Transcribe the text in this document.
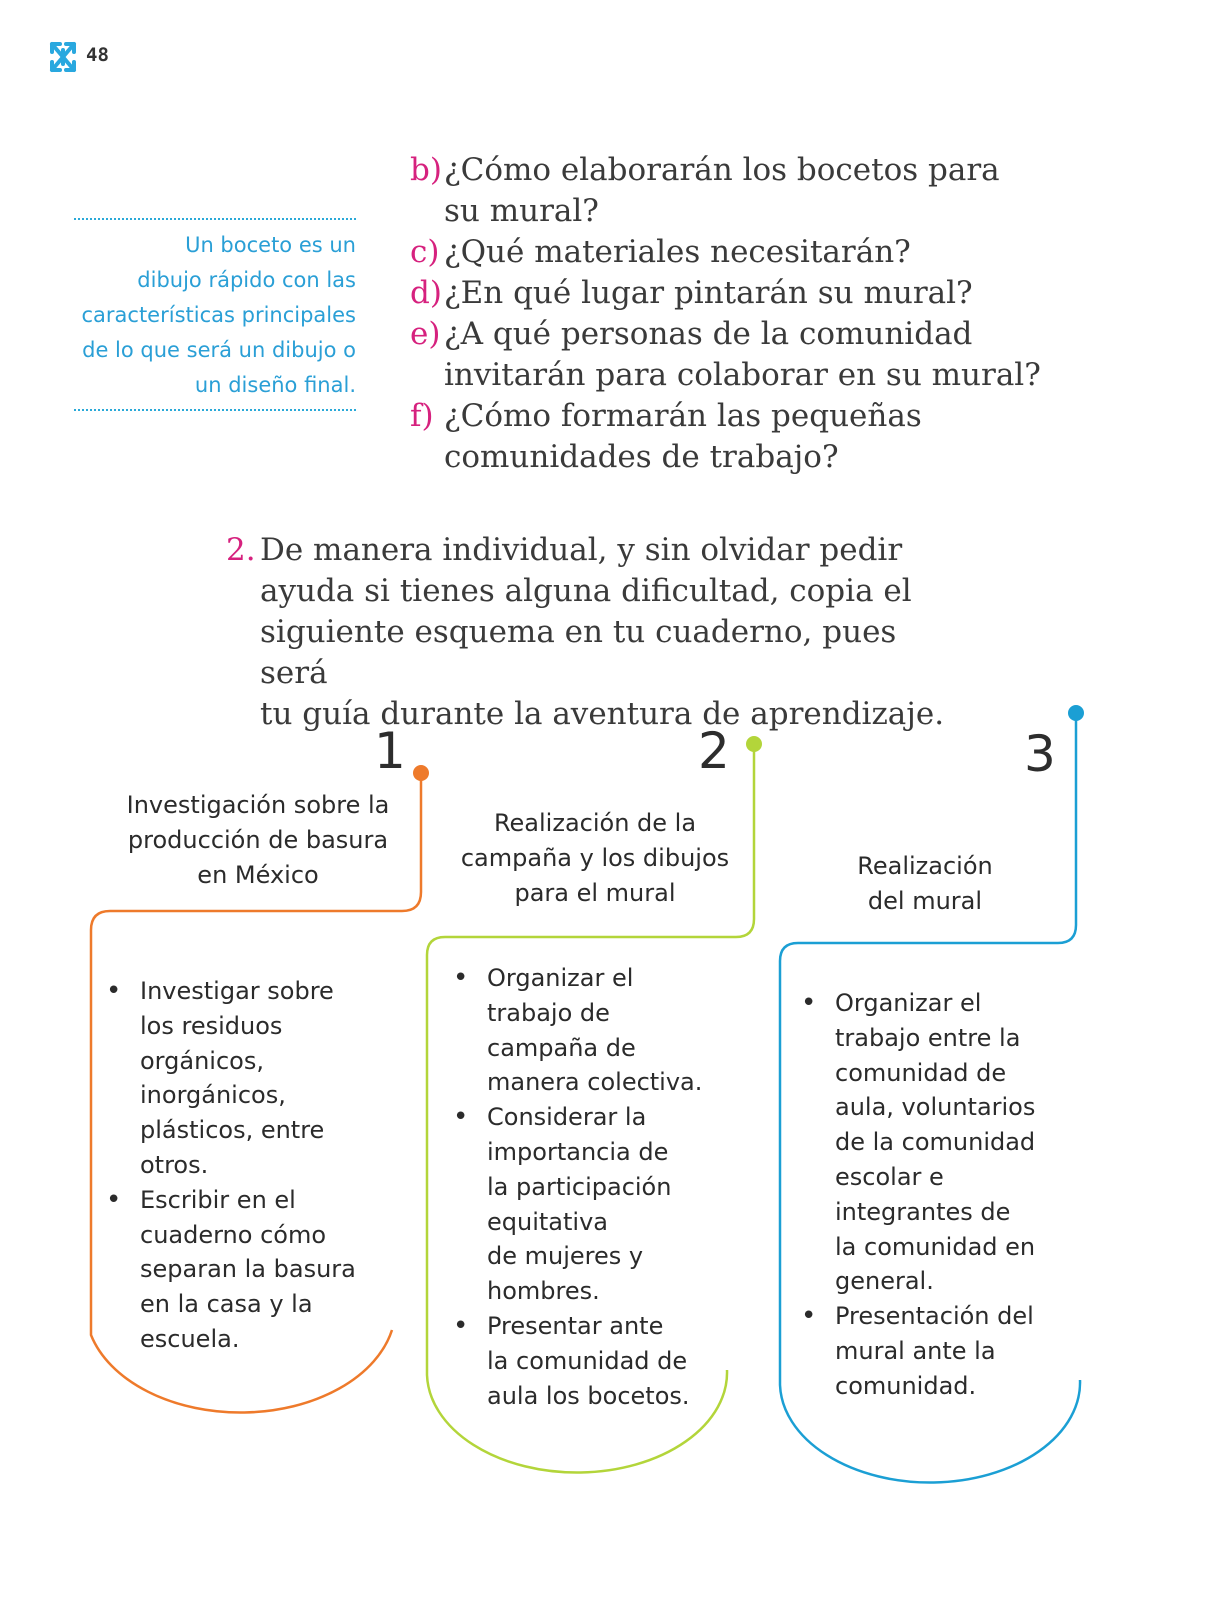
48

Un boceto es un
dibujo rápido con las
características principales
de lo que será un dibujo o
un diseño final.

b) ¿Cómo elaborarán los bocetos para
su mural?
c) ¿Qué materiales necesitarán?
d) ¿En qué lugar pintarán su mural?
e) ¿A qué personas de la comunidad
invitarán para colaborar en su mural?
f) ¿Cómo formarán las pequeñas
comunidades de trabajo?
2. De manera individual, y sin olvidar pedir
ayuda si tienes alguna dificultad, copia el
siguiente esquema en tu cuaderno, pues será
tu guía durante la aventura de aprendizaje.
1	2	3
Investigación sobre la
producción de basura
en México
Realización de la
campaña y los dibujos
para el mural
Realización
del mural
• Investigar sobre
los residuos
orgánicos,
inorgánicos,
plásticos, entre
otros.
• Escribir en el
cuaderno cómo
separan la basura
en la casa y la
escuela.
• Organizar el
trabajo de
campaña de
manera colectiva.
• Considerar la
importancia de
la participación
equitativa
de mujeres y
hombres.
• Presentar ante
la comunidad de
aula los bocetos.
• Organizar el
trabajo entre la
comunidad de
aula, voluntarios
de la comunidad
escolar e
integrantes de
la comunidad en
general.
• Presentación del
mural ante la
comunidad.
